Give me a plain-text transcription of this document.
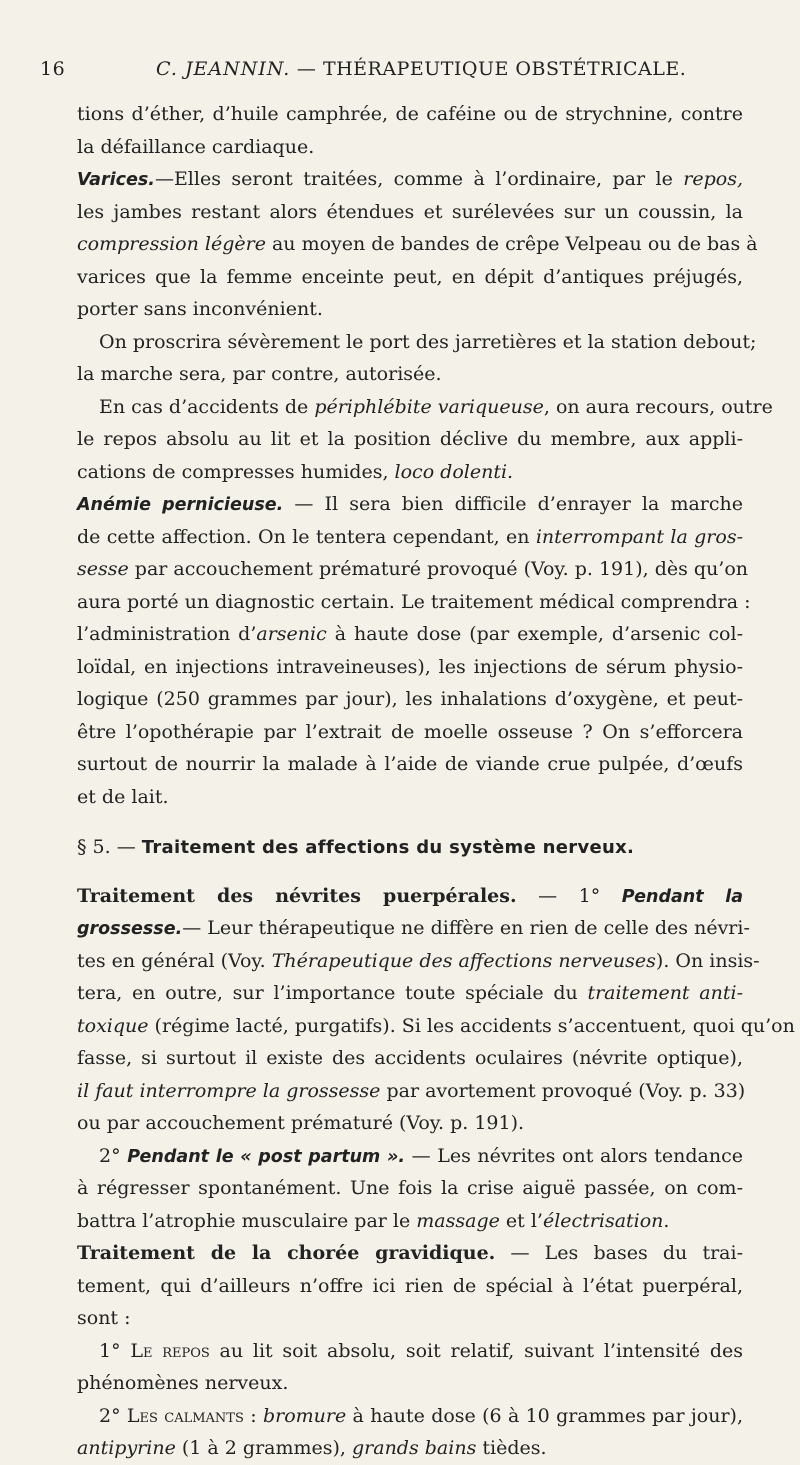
16	C. JEANNIN. — THÉRAPEUTIQUE OBSTÉTRICALE.
tions d’éther, d’huile camphrée, de caféine ou de strychnine, contre
la défaillance cardiaque.
Varices.—Elles seront traitées, comme à l’ordinaire, par le repos,
les jambes restant alors étendues et surélevées sur un coussin, la
compression légère au moyen de bandes de crêpe Velpeau ou de bas à
varices que la femme enceinte peut, en dépit d’antiques préjugés,
porter sans inconvénient.
On proscrira sévèrement le port des jarretières et la station debout;
la marche sera, par contre, autorisée.
En cas d’accidents de périphlébite variqueuse, on aura recours, outre
le repos absolu au lit et la position déclive du membre, aux appli-
cations de compresses humides, loco dolenti.
Anémie pernicieuse. — Il sera bien difficile d’enrayer la marche
de cette affection. On le tentera cependant, en interrompant la gros-
sesse par accouchement prématuré provoqué (Voy. p. 191), dès qu’on
aura porté un diagnostic certain. Le traitement médical comprendra :
l’administration d’arsenic à haute dose (par exemple, d’arsenic col-
loïdal, en injections intraveineuses), les injections de sérum physio-
logique (250 grammes par jour), les inhalations d’oxygène, et peut-
être l’opothérapie par l’extrait de moelle osseuse ? On s’efforcera
surtout de nourrir la malade à l’aide de viande crue pulpée, d’œufs
et de lait.
§ 5. — Traitement des affections du système nerveux.
Traitement des névrites puerpérales. — 1° Pendant la
grossesse.— Leur thérapeutique ne diffère en rien de celle des névri-
tes en général (Voy. Thérapeutique des affections nerveuses). On insis-
tera, en outre, sur l’importance toute spéciale du traitement anti-
toxique (régime lacté, purgatifs). Si les accidents s’accentuent, quoi qu’on
fasse, si surtout il existe des accidents oculaires (névrite optique),
il faut interrompre la grossesse par avortement provoqué (Voy. p. 33)
ou par accouchement prématuré (Voy. p. 191).
2° Pendant le « post partum ». — Les névrites ont alors tendance
à régresser spontanément. Une fois la crise aiguë passée, on com-
battra l’atrophie musculaire par le massage et l’électrisation.
Traitement de la chorée gravidique. — Les bases du trai-
tement, qui d’ailleurs n’offre ici rien de spécial à l’état puerpéral,
sont :
1° Le repos au lit soit absolu, soit relatif, suivant l’intensité des
phénomènes nerveux.
2° Les calmants : bromure à haute dose (6 à 10 grammes par jour),
antipyrine (1 à 2 grammes), grands bains tièdes.
